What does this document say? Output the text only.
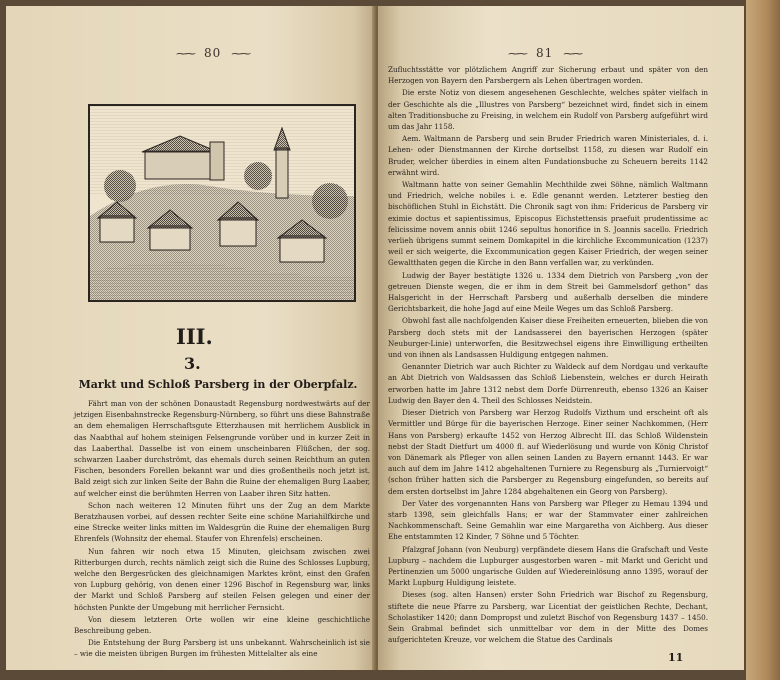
⁓⁓ 80 ⁓⁓
III.
3.
Markt und Schloß Parsberg in der Oberpfalz.

Fährt man von der schönen Donaustadt Regensburg nordwestwärts auf der jetzigen Eisenbahnstrecke Regensburg-Nürnberg, so führt uns diese Bahnstraße an dem ehemaligen Herrschaftsgute Etterzhausen mit herrlichem Ausblick in das Naabthal auf hohem steinigen Felsengrunde vorüber und in kurzer Zeit in das Laaberthal. Dasselbe ist von einem unscheinbaren Flüßchen, der sog. schwarzen Laaber durchströmt, das ehemals durch seinen Reichthum an guten Fischen, besonders Forellen bekannt war und dies großentheils noch jetzt ist. Bald zeigt sich zur linken Seite der Bahn die Ruine der ehemaligen Burg Laaber, auf welcher einst die berühmten Herren von Laaber ihren Sitz hatten.

Schon nach weiteren 12 Minuten führt uns der Zug an dem Markte Beratzhausen vorbei, auf dessen rechter Seite eine schöne Mariahilfkirche und eine Strecke weiter links mitten im Waldesgrün die Ruine der ehemaligen Burg Ehrenfels (Wohnsitz der ehemal. Staufer von Ehrenfels) erscheinen.

Nun fahren wir noch etwa 15 Minuten, gleichsam zwischen zwei Ritterburgen durch, rechts nämlich zeigt sich die Ruine des Schlosses Lupburg, welche den Bergesrücken des gleichnamigen Marktes krönt, einst den Grafen von Lupburg gehörig, von denen einer 1296 Bischof in Regensburg war, links der Markt und Schloß Parsberg auf steilen Felsen gelegen und einer der höchsten Punkte der Umgebung mit herrlicher Fernsicht.

Von diesem letzteren Orte wollen wir eine kleine geschichtliche Beschreibung geben.

Die Entstehung der Burg Parsberg ist uns unbekannt. Wahrscheinlich ist sie – wie die meisten übrigen Burgen im frühesten Mittelalter als eine

⁓⁓ 81 ⁓⁓

Zufluchtsstätte vor plötzlichem Angriff zur Sicherung erbaut und später von den Herzogen von Bayern den Parsbergern als Lehen übertragen worden.

Die erste Notiz von diesem angesehenen Geschlechte, welches später vielfach in der Geschichte als die „Illustres von Parsberg“ bezeichnet wird, findet sich in einem alten Traditionsbuche zu Freising, in welchem ein Rudolf von Parsberg aufgeführt wird um das Jahr 1158.

Aem. Waltmann de Parsberg und sein Bruder Friedrich waren Ministeriales, d. i. Lehen- oder Dienstmannen der Kirche dortselbst 1158, zu diesen war Rudolf ein Bruder, welcher überdies in einem alten Fundationsbuche zu Scheuern bereits 1142 erwähnt wird.

Waltmann hatte von seiner Gemahlin Mechthilde zwei Söhne, nämlich Waltmann und Friedrich, welche nobiles i. e. Edle genannt werden. Letzterer bestieg den bischöflichen Stuhl in Eichstätt. Die Chronik sagt von ihm: Fridericus de Parsberg vir eximie doctus et sapientissimus, Episcopus Eichstettensis praefuit prudentissime ac felicissime novem annis obiit 1246 sepultus honorifice in S. Joannis sacello. Friedrich verlieh übrigens summt seinem Domkapitel in die kirchliche Excommunication (1237) weil er sich weigerte, die Excommunication gegen Kaiser Friedrich, der wegen seiner Gewaltthaten gegen die Kirche in den Bann verfallen war, zu verkünden.

Ludwig der Bayer bestätigte 1326 u. 1334 dem Dietrich von Parsberg „von der getreuen Dienste wegen, die er ihm in dem Streit bei Gammelsdorf gethon“ das Halsgericht in der Herrschaft Parsberg und außerhalb derselben die mindere Gerichtsbarkeit, die hohe Jagd auf eine Meile Weges um das Schloß Parsberg.

Obwohl fast alle nachfolgenden Kaiser diese Freiheiten erneuerten, blieben die von Parsberg doch stets mit der Landsasserei den bayerischen Herzogen (später Neuburger-Linie) unterworfen, die Besitzwechsel eigens ihre Einwilligung ertheilten und von ihnen als Landsassen Huldigung entgegen nahmen.

Genannter Dietrich war auch Richter zu Waldeck auf dem Nordgau und verkaufte an Abt Dietrich von Waldsassen das Schloß Liebenstein, welches er durch Heirath erworben hatte im Jahre 1312 nebst dem Dorfe Dürrenreuth, ebenso 1326 an Kaiser Ludwig den Bayer den 4. Theil des Schlosses Neidstein.

Dieser Dietrich von Parsberg war Herzog Rudolfs Vizthum und erscheint oft als Vermittler und Bürge für die bayerischen Herzoge. Einer seiner Nachkommen, (Herr Hans von Parsberg) erkaufte 1452 von Herzog Albrecht III. das Schloß Wildenstein nebst der Stadt Dietfurt um 4000 fl. auf Wiederlösung und wurde von König Christof von Dänemark als Pfleger von allen seinen Landen zu Bayern ernannt 1443. Er war auch auf dem im Jahre 1412 abgehaltenen Turniere zu Regensburg als „Turniervoigt“ (schon früher hatten sich die Parsberger zu Regensburg eingefunden, so bereits auf dem ersten dortselbst im Jahre 1284 abgehaltenen ein Georg von Parsberg).

Der Vater des vorgenannten Hans von Parsberg war Pfleger zu Hemau 1394 und starb 1398, sein gleichfalls Hans; er war der Stammvater einer zahlreichen Nachkommenschaft. Seine Gemahlin war eine Margaretha von Aichberg. Aus dieser Ehe entstammten 12 Kinder, 7 Söhne und 5 Töchter.

Pfalzgraf Johann (von Neuburg) verpfändete diesem Hans die Grafschaft und Veste Lupburg – nachdem die Lupburger ausgestorben waren – mit Markt und Gericht und Pertinenzien um 5000 ungarische Gulden auf Wiedereinlösung anno 1395, worauf der Markt Lupburg Huldigung leistete.

Dieses (sog. alten Hansen) erster Sohn Friedrich war Bischof zu Regensburg, stiftete die neue Pfarre zu Parsberg, war Licentiat der geistlichen Rechte, Dechant, Scholastiker 1420; dann Dompropst und zuletzt Bischof von Regensburg 1437 – 1450. Sein Grabmal befindet sich unmittelbar vor dem in der Mitte des Domes aufgerichteten Kreuze, vor welchem die Statue des Cardinals

11
